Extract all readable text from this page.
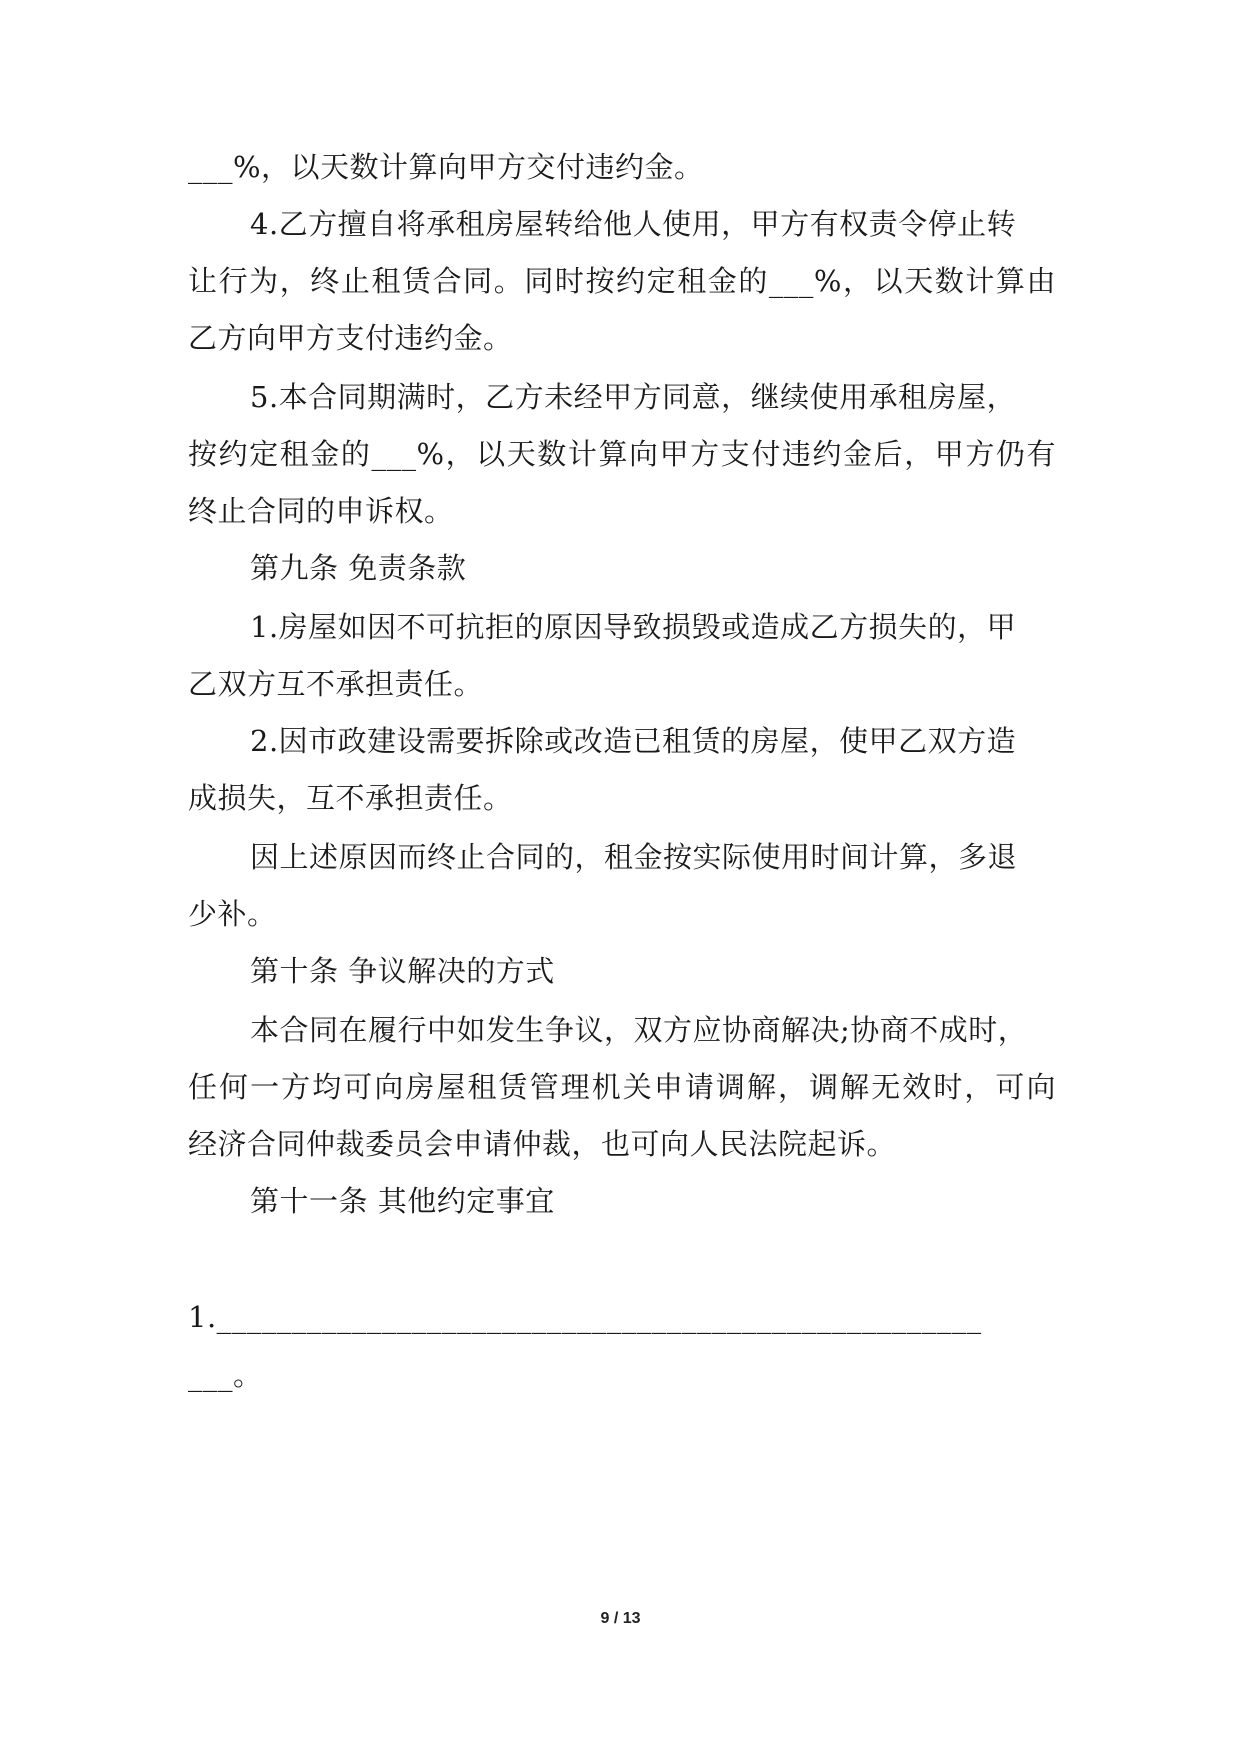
___%，以天数计算向甲方交付违约金。
4.乙方擅自将承租房屋转给他人使用，甲方有权责令停止转
让行为，终止租赁合同。同时按约定租金的___%，以天数计算由
乙方向甲方支付违约金。
5.本合同期满时，乙方未经甲方同意，继续使用承租房屋，
按约定租金的___%，以天数计算向甲方支付违约金后，甲方仍有
终止合同的申诉权。
第九条 免责条款
1.房屋如因不可抗拒的原因导致损毁或造成乙方损失的，甲
乙双方互不承担责任。
2.因市政建设需要拆除或改造已租赁的房屋，使甲乙双方造
成损失，互不承担责任。
因上述原因而终止合同的，租金按实际使用时间计算，多退
少补。
第十条 争议解决的方式
本合同在履行中如发生争议，双方应协商解决;协商不成时，
任何一方均可向房屋租赁管理机关申请调解，调解无效时，可向
经济合同仲裁委员会申请仲裁，也可向人民法院起诉。
第十一条 其他约定事宜
1.___________________________________________________
___。
9 / 13
